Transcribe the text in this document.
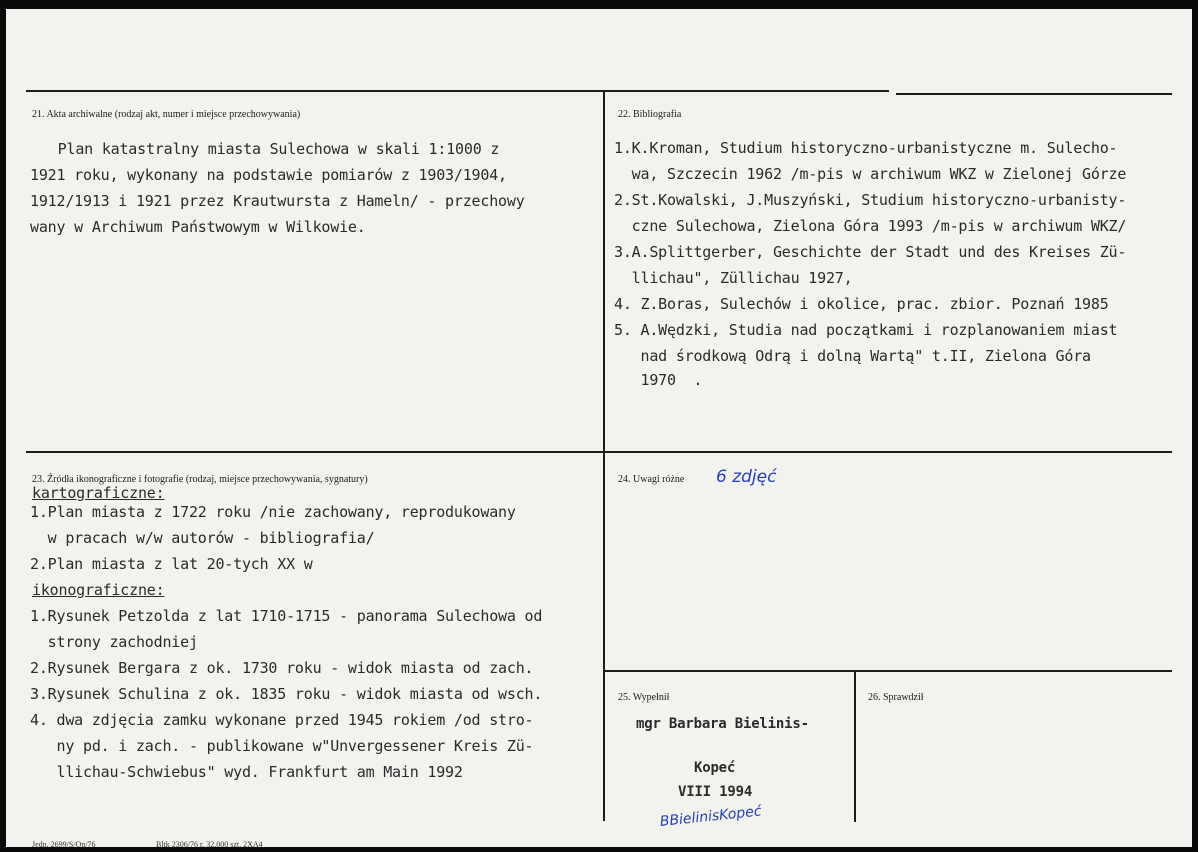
21. Akta archiwalne (rodzaj akt, numer i miejsce przechowywania)
Plan katastralny miasta Sulechowa w skali 1:1000 z
1921 roku, wykonany na podstawie pomiarów z 1903/1904,
1912/1913 i 1921 przez Krautwursta z Hameln/ - przechowy
wany w Archiwum Państwowym w Wilkowie.
22. Bibliografia
1.K.Kroman, Studium historyczno-urbanistyczne m. Sulecho-
wa, Szczecin 1962 /m-pis w archiwum WKZ w Zielonej Górze
2.St.Kowalski, J.Muszyński, Studium historyczno-urbanisty-
czne Sulechowa, Zielona Góra 1993 /m-pis w archiwum WKZ/
3.A.Splittgerber, Geschichte der Stadt und des Kreises Zü-
llichau", Züllichau 1927,
4. Z.Boras, Sulechów i okolice, prac. zbior. Poznań 1985
5. A.Wędzki, Studia nad początkami i rozplanowaniem miast
nad środkową Odrą i dolną Wartą" t.II, Zielona Góra
1970  .
23. Źródła ikonograficzne i fotografie (rodzaj, miejsce przechowywania, sygnatury)
kartograficzne:
1.Plan miasta z 1722 roku /nie zachowany, reprodukowany
w pracach w/w autorów - bibliografia/
2.Plan miasta z lat 20-tych XX w
ikonograficzne:
1.Rysunek Petzolda z lat 1710-1715 - panorama Sulechowa od
strony zachodniej
2.Rysunek Bergara z ok. 1730 roku - widok miasta od zach.
3.Rysunek Schulina z ok. 1835 roku - widok miasta od wsch.
4. dwa zdjęcia zamku wykonane przed 1945 rokiem /od stro-
ny pd. i zach. - publikowane w"Unvergessener Kreis Zü-
llichau-Schwiebus" wyd. Frankfurt am Main 1992
24. Uwagi różne 6 zdjęć
25. Wypełnił
mgr Barbara Bielinis-
Kopeć
VIII 1994
BBielinisKopeć
26. Sprawdził
Jedn. 2699/S/On/76	Bltk 2306/76 r. 32.000 szt. 2XA4
